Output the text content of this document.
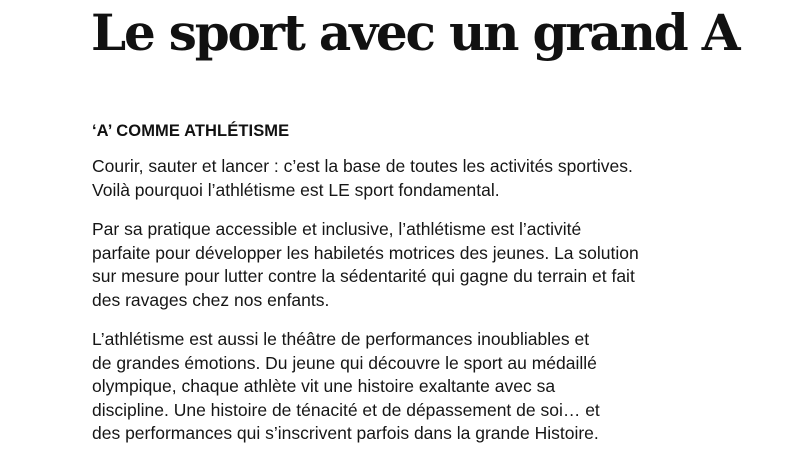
Le sport avec un grand A
‘A’ COMME ATHLÉTISME

Courir, sauter et lancer : c’est la base de toutes les activités sportives.
Voilà pourquoi l’athlétisme est LE sport fondamental.

Par sa pratique accessible et inclusive, l’athlétisme est l’activité
parfaite pour développer les habiletés motrices des jeunes. La solution
sur mesure pour lutter contre la sédentarité qui gagne du terrain et fait
des ravages chez nos enfants.

L’athlétisme est aussi le théâtre de performances inoubliables et
de grandes émotions. Du jeune qui découvre le sport au médaillé
olympique, chaque athlète vit une histoire exaltante avec sa
discipline. Une histoire de ténacité et de dépassement de soi… et
des performances qui s’inscrivent parfois dans la grande Histoire.
